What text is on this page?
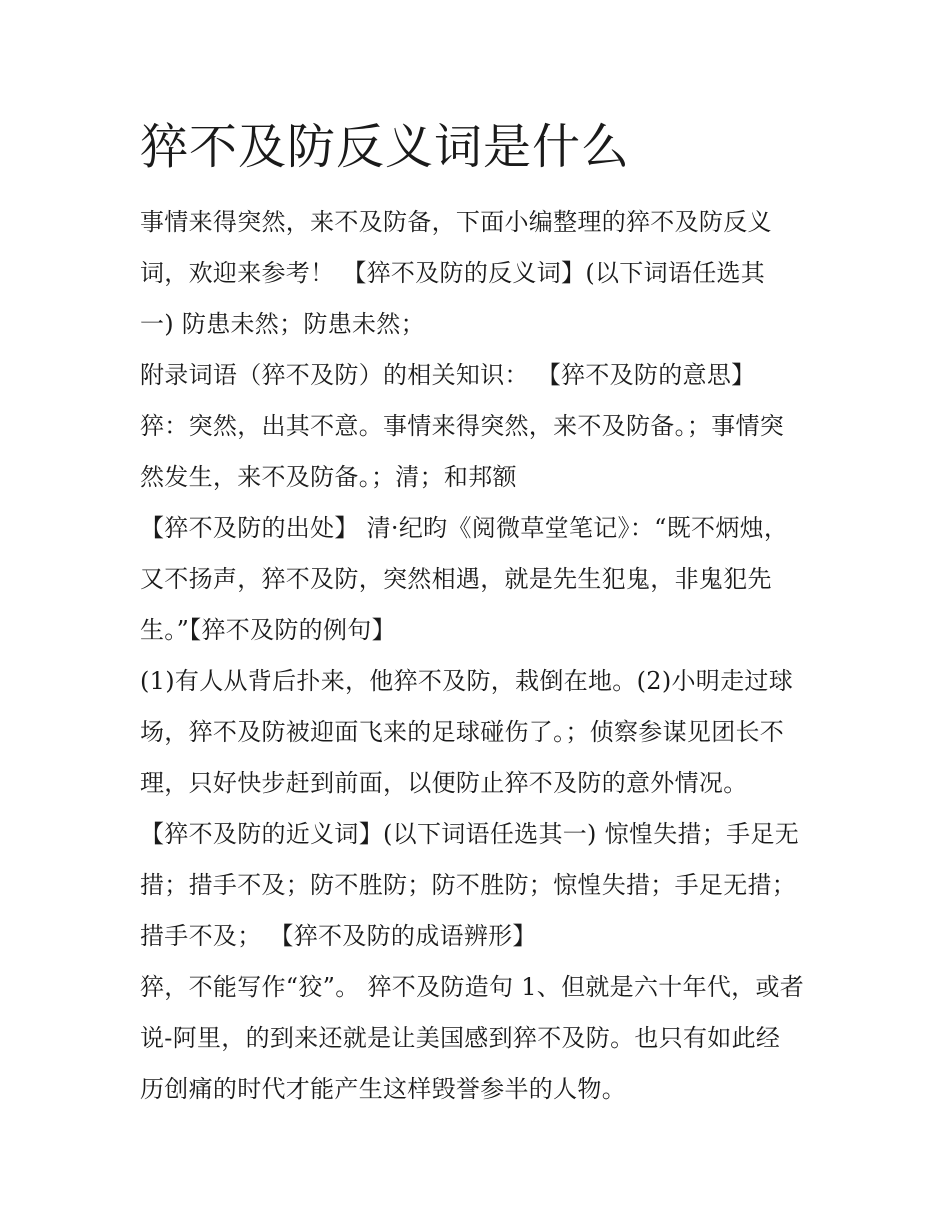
猝不及防反义词是什么

事情来得突然，来不及防备，下面小编整理的猝不及防反义

词，欢迎来参考！ 【猝不及防的反义词】(以下词语任选其

一) 防患未然；防患未然；

附录词语（猝不及防）的相关知识： 【猝不及防的意思】

猝：突然，出其不意。事情来得突然，来不及防备。；事情突

然发生，来不及防备。；清；和邦额

【猝不及防的出处】 清·纪昀《阅微草堂笔记》：“既不炳烛，

又不扬声，猝不及防，突然相遇，就是先生犯鬼，非鬼犯先

生。”【猝不及防的例句】

(1)有人从背后扑来，他猝不及防，栽倒在地。(2)小明走过球

场，猝不及防被迎面飞来的足球碰伤了。；侦察参谋见团长不

理，只好快步赶到前面，以便防止猝不及防的意外情况。

【猝不及防的近义词】(以下词语任选其一) 惊惶失措；手足无

措；措手不及；防不胜防；防不胜防；惊惶失措；手足无措；

措手不及； 【猝不及防的成语辨形】

猝，不能写作“狡”。 猝不及防造句 1、但就是六十年代，或者

说-阿里，的到来还就是让美国感到猝不及防。也只有如此经

历创痛的时代才能产生这样毁誉参半的人物。
